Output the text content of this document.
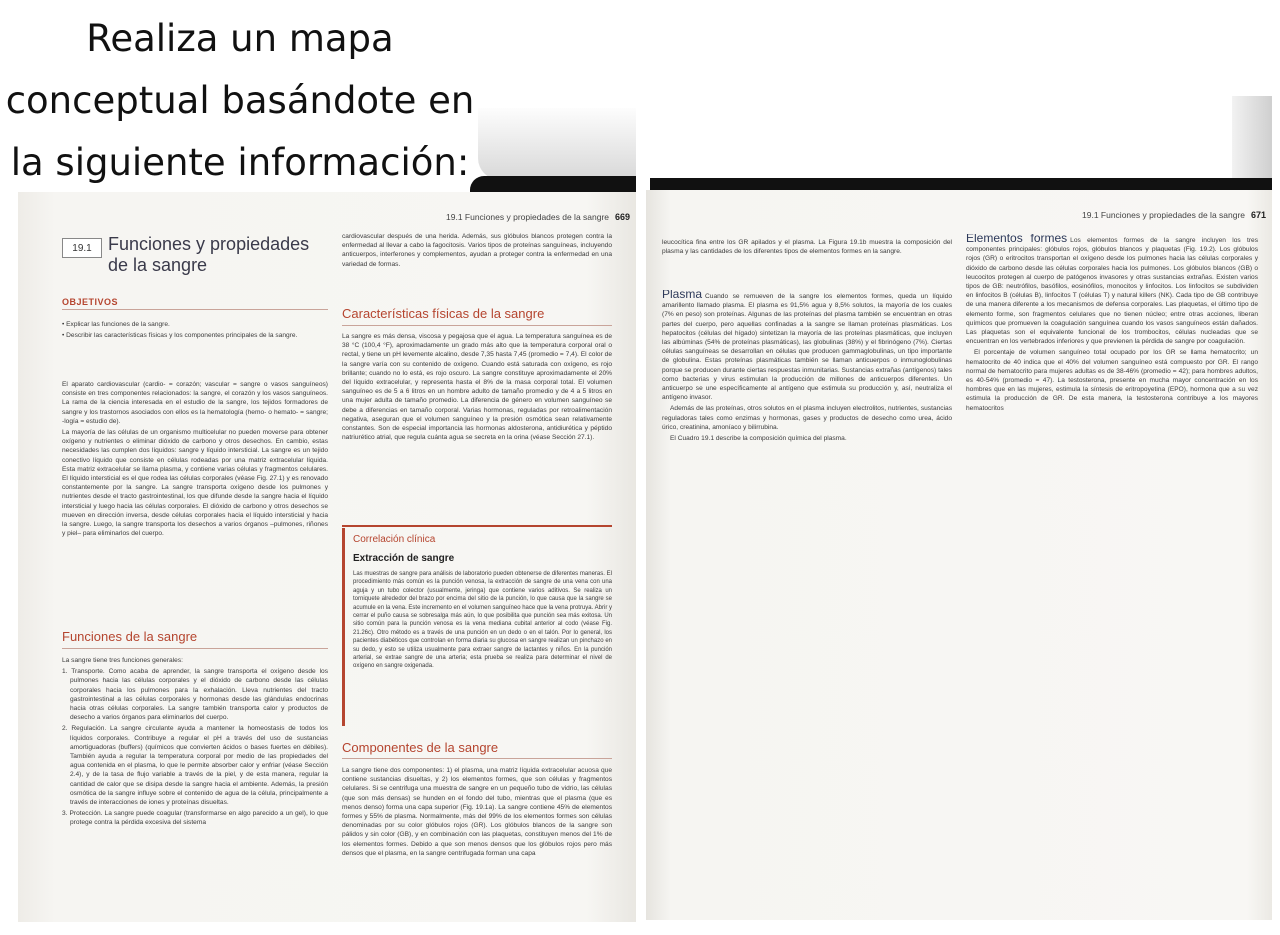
Realiza un mapa
conceptual basándote en
la siguiente información:
19.1 Funciones y propiedades de la sangre 669
19.1 Funciones y propiedades de la sangre
OBJETIVOS

• Explicar las funciones de la sangre.

• Describir las características físicas y los componentes principales de la sangre.

El aparato cardiovascular (cardio- = corazón; vascular = sangre o vasos sanguíneos) consiste en tres componentes relacionados: la sangre, el corazón y los vasos sanguíneos. La rama de la ciencia interesada en el estudio de la sangre, los tejidos formadores de sangre y los trastornos asociados con ellos es la hematología (hemo- o hemato- = sangre; -logía = estudio de).

La mayoría de las células de un organismo multicelular no pueden moverse para obtener oxígeno y nutrientes o eliminar dióxido de carbono y otros desechos. En cambio, estas necesidades las cumplen dos líquidos: sangre y líquido intersticial. La sangre es un tejido conectivo líquido que consiste en células rodeadas por una matriz extracelular líquida. Esta matriz extracelular se llama plasma, y contiene varias células y fragmentos celulares. El líquido intersticial es el que rodea las células corporales (véase Fig. 27.1) y es renovado constantemente por la sangre. La sangre transporta oxígeno desde los pulmones y nutrientes desde el tracto gastrointestinal, los que difunde desde la sangre hacia el líquido intersticial y luego hacia las células corporales. El dióxido de carbono y otros desechos se mueven en dirección inversa, desde células corporales hacia el líquido intersticial y hacia la sangre. Luego, la sangre transporta los desechos a varios órganos –pulmones, riñones y piel– para eliminarlos del cuerpo.

Funciones de la sangre

La sangre tiene tres funciones generales:

1. Transporte. Como acaba de aprender, la sangre transporta el oxígeno desde los pulmones hacia las células corporales y el dióxido de carbono desde las células corporales hacia los pulmones para la exhalación. Lleva nutrientes del tracto gastrointestinal a las células corporales y hormonas desde las glándulas endocrinas hacia otras células corporales. La sangre también transporta calor y productos de desecho a varios órganos para eliminarlos del cuerpo.

2. Regulación. La sangre circulante ayuda a mantener la homeostasis de todos los líquidos corporales. Contribuye a regular el pH a través del uso de sustancias amortiguadoras (buffers) (químicos que convierten ácidos o bases fuertes en débiles). También ayuda a regular la temperatura corporal por medio de las propiedades del agua contenida en el plasma, lo que le permite absorber calor y enfriar (véase Sección 2.4), y de la tasa de flujo variable a través de la piel, y de esta manera, regular la cantidad de calor que se disipa desde la sangre hacia el ambiente. Además, la presión osmótica de la sangre influye sobre el contenido de agua de la célula, principalmente a través de interacciones de iones y proteínas disueltas.

3. Protección. La sangre puede coagular (transformarse en algo parecido a un gel), lo que protege contra la pérdida excesiva del sistema

cardiovascular después de una herida. Además, sus glóbulos blancos protegen contra la enfermedad al llevar a cabo la fagocitosis. Varios tipos de proteínas sanguíneas, incluyendo anticuerpos, interferones y complementos, ayudan a proteger contra la enfermedad en una variedad de formas.
Características físicas de la sangre
La sangre es más densa, viscosa y pegajosa que el agua. La temperatura sanguínea es de 38 °C (100,4 °F), aproximadamente un grado más alto que la temperatura corporal oral o rectal, y tiene un pH levemente alcalino, desde 7,35 hasta 7,45 (promedio = 7,4). El color de la sangre varía con su contenido de oxígeno. Cuando está saturada con oxígeno, es rojo brillante; cuando no lo está, es rojo oscuro. La sangre constituye aproximadamente el 20% del líquido extracelular, y representa hasta el 8% de la masa corporal total. El volumen sanguíneo es de 5 a 6 litros en un hombre adulto de tamaño promedio y de 4 a 5 litros en una mujer adulta de tamaño promedio. La diferencia de género en volumen sanguíneo se debe a diferencias en tamaño corporal. Varias hormonas, reguladas por retroalimentación negativa, aseguran que el volumen sanguíneo y la presión osmótica sean relativamente constantes. Son de especial importancia las hormonas aldosterona, antidiurética y péptido natriurético atrial, que regula cuánta agua se secreta en la orina (véase Sección 27.1).
Correlación clínica
Extracción de sangre
Las muestras de sangre para análisis de laboratorio pueden obtenerse de diferentes maneras. El procedimiento más común es la punción venosa, la extracción de sangre de una vena con una aguja y un tubo colector (usualmente, jeringa) que contiene varios aditivos. Se realiza un torniquete alrededor del brazo por encima del sitio de la punción, lo que causa que la sangre se acumule en la vena. Este incremento en el volumen sanguíneo hace que la vena protruya. Abrir y cerrar el puño causa se sobresalga más aún, lo que posibilita que punción sea más exitosa. Un sitio común para la punción venosa es la vena mediana cubital anterior al codo (véase Fig. 21.26c). Otro método es a través de una punción en un dedo o en el talón. Por lo general, los pacientes diabéticos que controlan en forma diaria su glucosa en sangre realizan un pinchazo en su dedo, y esto se utiliza usualmente para extraer sangre de lactantes y niños. En la punción arterial, se extrae sangre de una arteria; esta prueba se realiza para determinar el nivel de oxígeno en sangre oxigenada.
Componentes de la sangre
La sangre tiene dos componentes: 1) el plasma, una matriz líquida extracelular acuosa que contiene sustancias disueltas, y 2) los elementos formes, que son células y fragmentos celulares. Si se centrifuga una muestra de sangre en un pequeño tubo de vidrio, las células (que son más densas) se hunden en el fondo del tubo, mientras que el plasma (que es menos denso) forma una capa superior (Fig. 19.1a). La sangre contiene 45% de elementos formes y 55% de plasma. Normalmente, más del 99% de los elementos formes son células denominadas por su color glóbulos rojos (GR). Los glóbulos blancos de la sangre son pálidos y sin color (GB), y en combinación con las plaquetas, constituyen menos del 1% de los elementos formes. Debido a que son menos densos que los glóbulos rojos pero más densos que el plasma, en la sangre centrifugada forman una capa
19.1 Funciones y propiedades de la sangre 671
leucocítica fina entre los GR apilados y el plasma. La Figura 19.1b muestra la composición del plasma y las cantidades de los diferentes tipos de elementos formes en la sangre.

Plasma Cuando se remueven de la sangre los elementos formes, queda un líquido amarillento llamado plasma. El plasma es 91,5% agua y 8,5% solutos, la mayoría de los cuales (7% en peso) son proteínas. Algunas de las proteínas del plasma también se encuentran en otras partes del cuerpo, pero aquellas confinadas a la sangre se llaman proteínas plasmáticas. Los hepatocitos (células del hígado) sintetizan la mayoría de las proteínas plasmáticas, que incluyen las albúminas (54% de proteínas plasmáticas), las globulinas (38%) y el fibrinógeno (7%). Ciertas células sanguíneas se desarrollan en células que producen gammaglobulinas, un tipo importante de globulina. Estas proteínas plasmáticas también se llaman anticuerpos o inmunoglobulinas porque se producen durante ciertas respuestas inmunitarias. Sustancias extrañas (antígenos) tales como bacterias y virus estimulan la producción de millones de anticuerpos diferentes. Un anticuerpo se une específicamente al antígeno que estimula su producción y, así, neutraliza el antígeno invasor.

Además de las proteínas, otros solutos en el plasma incluyen electrolitos, nutrientes, sustancias reguladoras tales como enzimas y hormonas, gases y productos de desecho como urea, ácido úrico, creatinina, amoníaco y bilirrubina.

El Cuadro 19.1 describe la composición química del plasma.

Elementos formes Los elementos formes de la sangre incluyen los tres componentes principales: glóbulos rojos, glóbulos blancos y plaquetas (Fig. 19.2). Los glóbulos rojos (GR) o eritrocitos transportan el oxígeno desde los pulmones hacia las células corporales y dióxido de carbono desde las células corporales hacia los pulmones. Los glóbulos blancos (GB) o leucocitos protegen al cuerpo de patógenos invasores y otras sustancias extrañas. Existen varios tipos de GB: neutrófilos, basófilos, eosinófilos, monocitos y linfocitos. Los linfocitos se subdividen en linfocitos B (células B), linfocitos T (células T) y natural killers (NK). Cada tipo de GB contribuye de una manera diferente a los mecanismos de defensa corporales. Las plaquetas, el último tipo de elemento forme, son fragmentos celulares que no tienen núcleo; entre otras acciones, liberan químicos que promueven la coagulación sanguínea cuando los vasos sanguíneos están dañados. Las plaquetas son el equivalente funcional de los trombocitos, células nucleadas que se encuentran en los vertebrados inferiores y que previenen la pérdida de sangre por coagulación.

El porcentaje de volumen sanguíneo total ocupado por los GR se llama hematocrito; un hematocrito de 40 indica que el 40% del volumen sanguíneo está compuesto por GR. El rango normal de hematocrito para mujeres adultas es de 38-46% (promedio = 42); para hombres adultos, es 40-54% (promedio = 47). La testosterona, presente en mucha mayor concentración en los hombres que en las mujeres, estimula la síntesis de eritropoyetina (EPO), hormona que a su vez estimula la producción de GR. De esta manera, la testosterona contribuye a los mayores hematocritos
